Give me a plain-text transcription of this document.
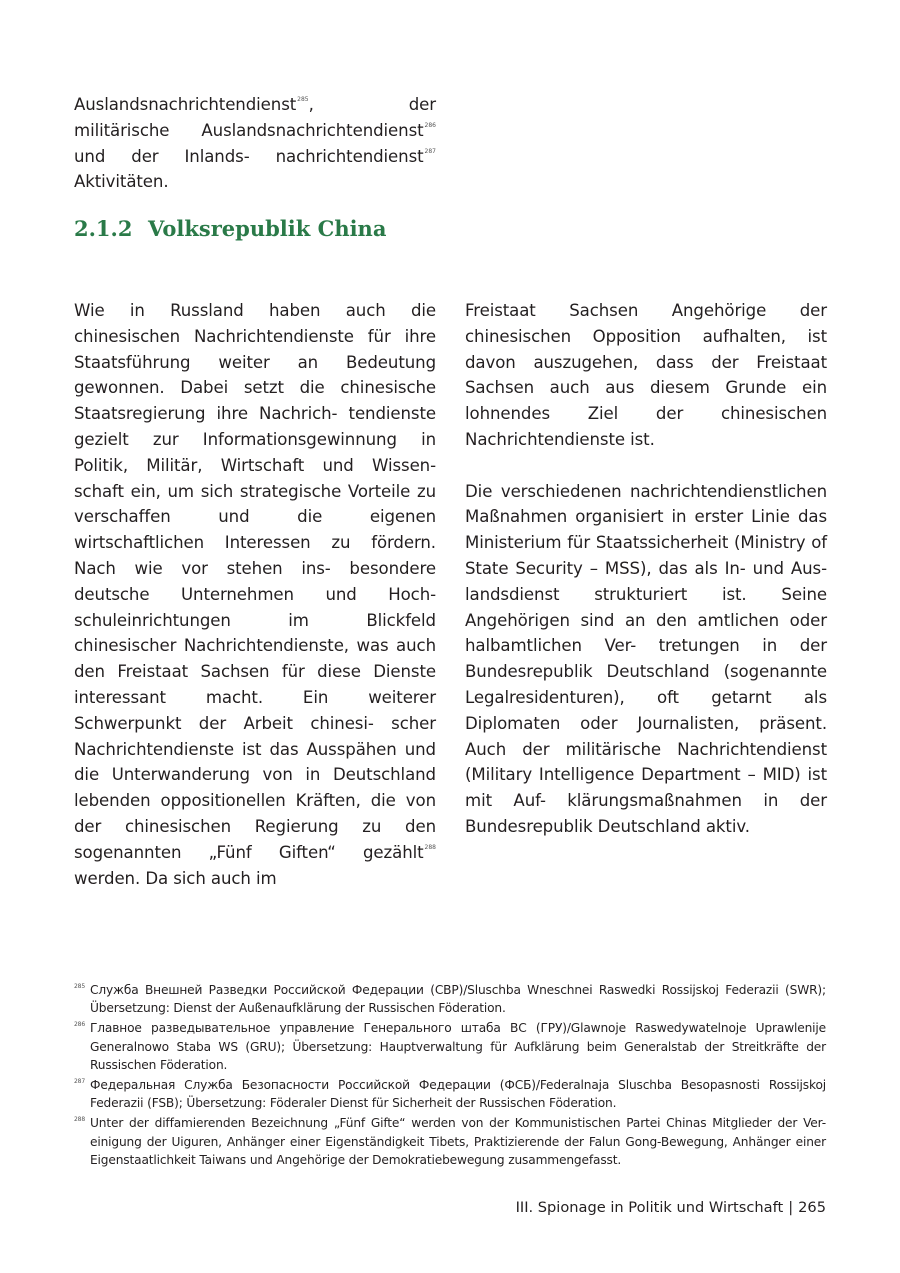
Auslandsnachrichtendienst$^{285}$, der militärische Auslandsnachrichtendienst$^{286}$ und der Inlands- nachrichtendienst$^{287}$ Aktivitäten.

2.1.2 Volksrepublik China

Wie in Russland haben auch die chinesischen Nachrichtendienste für ihre Staatsführung weiter an Bedeutung gewonnen. Dabei setzt die chinesische Staatsregierung ihre Nachrich- tendienste gezielt zur Informationsgewinnung in Politik, Militär, Wirtschaft und Wissen- schaft ein, um sich strategische Vorteile zu verschaffen und die eigenen wirtschaftlichen Interessen zu fördern. Nach wie vor stehen ins- besondere deutsche Unternehmen und Hoch- schuleinrichtungen im Blickfeld chinesischer Nachrichtendienste, was auch den Freistaat Sachsen für diese Dienste interessant macht. Ein weiterer Schwerpunkt der Arbeit chinesi- scher Nachrichtendienste ist das Ausspähen und die Unterwanderung von in Deutschland lebenden oppositionellen Kräften, die von der chinesischen Regierung zu den sogenannten „Fünf Giften“ gezählt$^{288}$ werden. Da sich auch im

Freistaat Sachsen Angehörige der chinesischen Opposition aufhalten, ist davon auszugehen, dass der Freistaat Sachsen auch aus diesem Grunde ein lohnendes Ziel der chinesischen Nachrichtendienste ist.

Die verschiedenen nachrichtendienstlichen Maßnahmen organisiert in erster Linie das Ministerium für Staatssicherheit (Ministry of State Security – MSS), das als In- und Aus- landsdienst strukturiert ist. Seine Angehörigen sind an den amtlichen oder halbamtlichen Ver- tretungen in der Bundesrepublik Deutschland (sogenannte Legalresidenturen), oft getarnt als Diplomaten oder Journalisten, präsent. Auch der militärische Nachrichtendienst (Military Intelligence Department – MID) ist mit Auf- klärungsmaßnahmen in der Bundesrepublik Deutschland aktiv.

285 Служба Внешней Разведки Российской Федерации (СВР)/Sluschba Wneschnei Raswedki Rossijskoj Federazii (SWR); Übersetzung: Dienst der Außenaufklärung der Russischen Föderation.
286 Главное разведывательное управление Генерального штаба ВС (ГРУ)/Glawnoje Raswedywatelnoje Uprawlenije Generalnowo Staba WS (GRU); Übersetzung: Hauptverwaltung für Aufklärung beim Generalstab der Streitkräfte der Russischen Föderation.
287 Федеральная Служба Безопасности Российской Федерации (ФСБ)/Federalnaja Sluschba Besopasnosti Rossijskoj Federazii (FSB); Übersetzung: Föderaler Dienst für Sicherheit der Russischen Föderation.
288 Unter der diffamierenden Bezeichnung „Fünf Gifte“ werden von der Kommunistischen Partei Chinas Mitglieder der Ver- einigung der Uiguren, Anhänger einer Eigenständigkeit Tibets, Praktizierende der Falun Gong-Bewegung, Anhänger einer Eigenstaatlichkeit Taiwans und Angehörige der Demokratiebewegung zusammengefasst.
III. Spionage in Politik und Wirtschaft | 265
